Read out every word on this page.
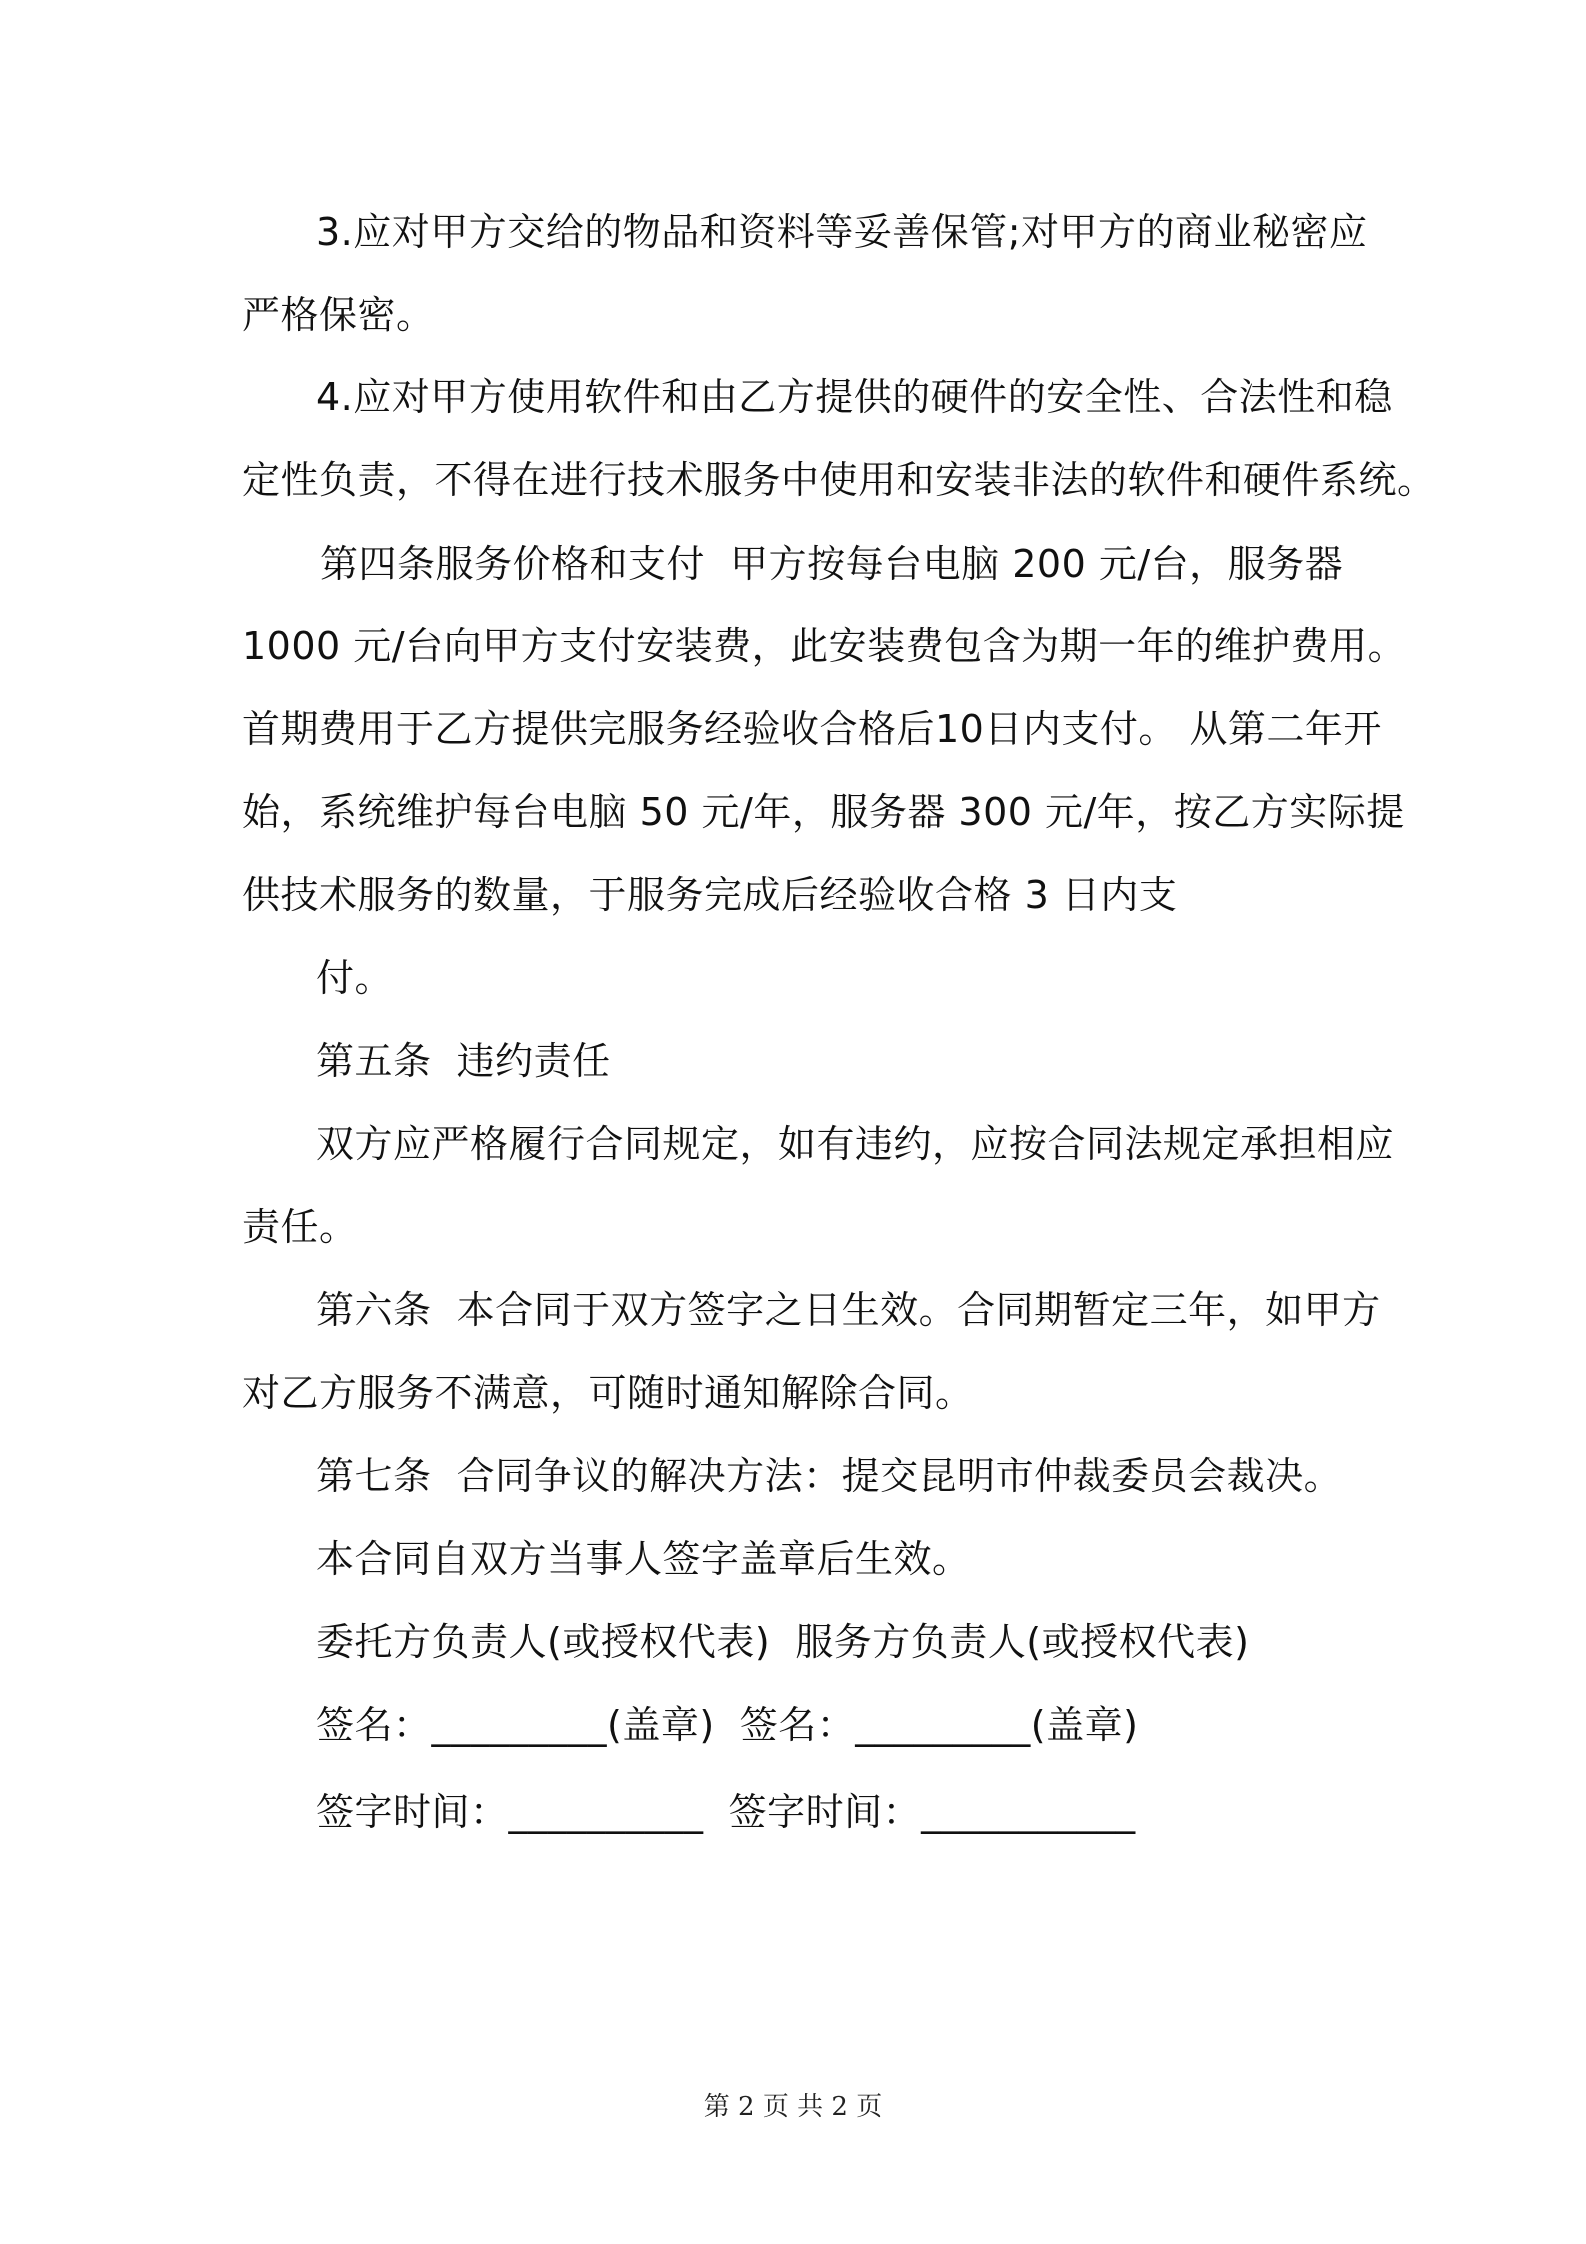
3.应对甲方交给的物品和资料等妥善保管;对甲方的商业秘密应
严格保密。
4.应对甲方使用软件和由乙方提供的硬件的安全性、合法性和稳
定性负责，不得在进行技术服务中使用和安装非法的软件和硬件系统。
第四条服务价格和支付  甲方按每台电脑 200 元/台，服务器
1000 元/台向甲方支付安装费，此安装费包含为期一年的维护费用。
首期费用于乙方提供完服务经验收合格后10日内支付。 从第二年开
始，系统维护每台电脑 50 元/年，服务器 300 元/年，按乙方实际提
供技术服务的数量，于服务完成后经验收合格 3 日内支
付。
第五条  违约责任
双方应严格履行合同规定，如有违约，应按合同法规定承担相应
责任。
第六条  本合同于双方签字之日生效。合同期暂定三年，如甲方
对乙方服务不满意，可随时通知解除合同。
第七条  合同争议的解决方法：提交昆明市仲裁委员会裁决。
本合同自双方当事人签字盖章后生效。
委托方负责人(或授权代表)  服务方负责人(或授权代表)
签名：_________(盖章)  签名：_________(盖章)
签字时间：__________  签字时间：___________
第 2 页 共 2 页
